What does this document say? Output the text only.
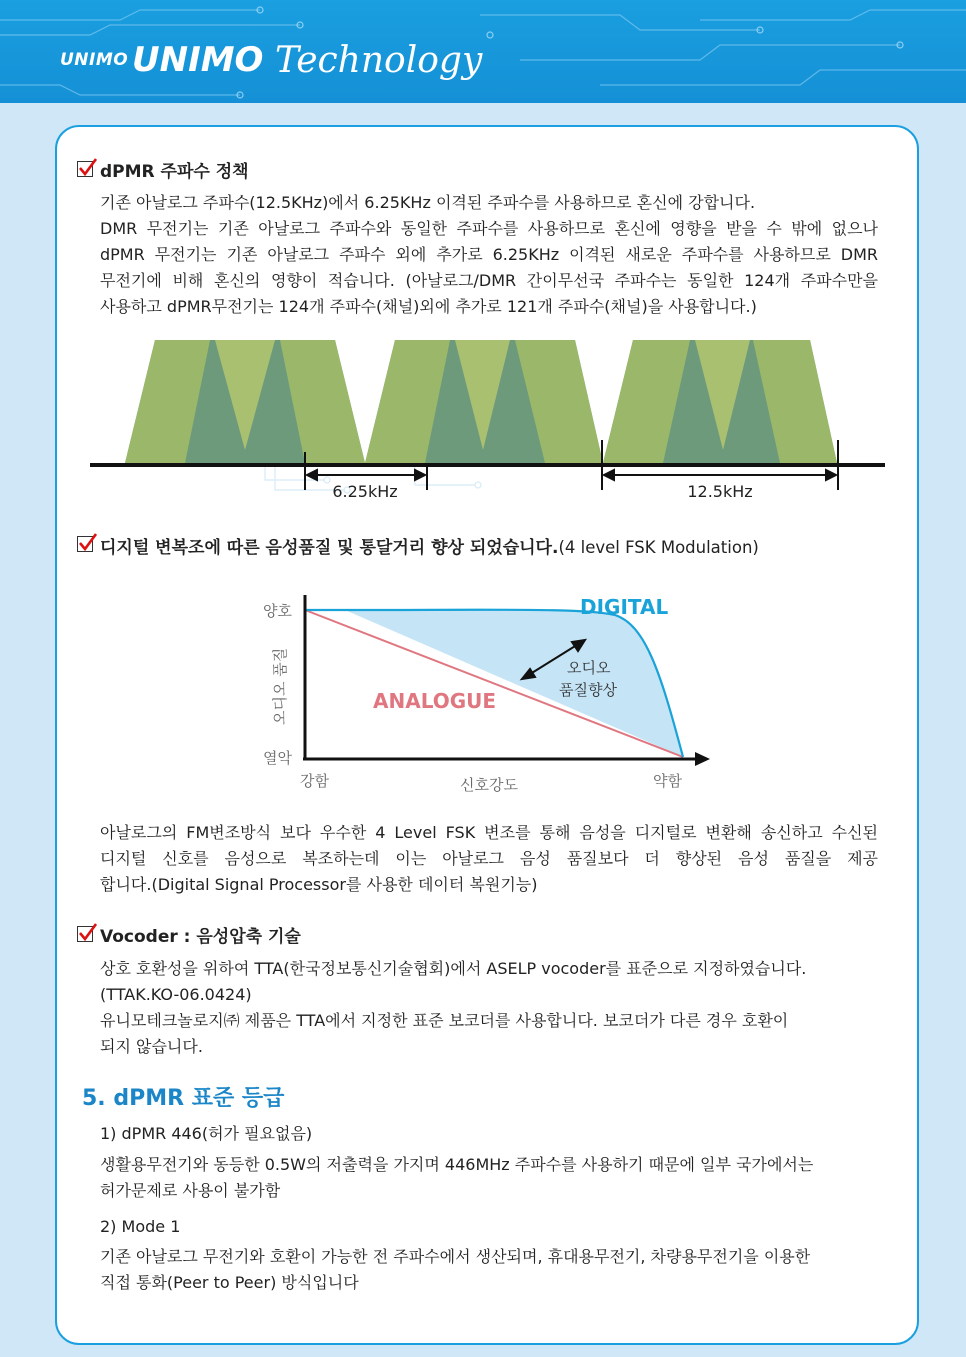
UNIMO UNIMO Technology
dPMR 주파수 정책
기존 아날로그 주파수(12.5KHz)에서 6.25KHz 이격된 주파수를 사용하므로 혼신에 강합니다.
DMR 무전기는 기존 아날로그 주파수와 동일한 주파수를 사용하므로 혼신에 영향을 받을 수 밖에 없으나
dPMR 무전기는 기존 아날로그 주파수 외에 추가로 6.25KHz 이격된 새로운 주파수를 사용하므로 DMR
무전기에 비해 혼신의 영향이 적습니다. (아날로그/DMR 간이무선국 주파수는 동일한 124개 주파수만을
사용하고 dPMR무전기는 124개 주파수(채널)외에 추가로 121개 주파수(채널)을 사용합니다.)
6.25kHz	12.5kHz
디지털 변복조에 따른 음성품질 및 통달거리 향상 되었습니다.(4 level FSK Modulation)
양호
열악
오디오 품질
강함	약함
신호강도
DIGITAL
ANALOGUE
오디오
품질향상
아날로그의 FM변조방식 보다 우수한 4 Level FSK 변조를 통해 음성을 디지털로 변환해 송신하고 수신된
디지털 신호를 음성으로 복조하는데 이는 아날로그 음성 품질보다 더 향상된 음성 품질을 제공
합니다.(Digital Signal Processor를 사용한 데이터 복원기능)
Vocoder : 음성압축 기술
상호 호환성을 위하여 TTA(한국정보통신기술협회)에서 ASELP vocoder를 표준으로 지정하였습니다.
(TTAK.KO-06.0424)
유니모테크놀로지㈜ 제품은 TTA에서 지정한 표준 보코더를 사용합니다. 보코더가 다른 경우 호환이
되지 않습니다.
5. dPMR 표준 등급
1) dPMR 446(허가 필요없음)
생활용무전기와 동등한 0.5W의 저출력을 가지며 446MHz 주파수를 사용하기 때문에 일부 국가에서는
허가문제로 사용이 불가함
2) Mode 1
기존 아날로그 무전기와 호환이 가능한 전 주파수에서 생산되며, 휴대용무전기, 차량용무전기을 이용한
직접 통화(Peer to Peer) 방식입니다
